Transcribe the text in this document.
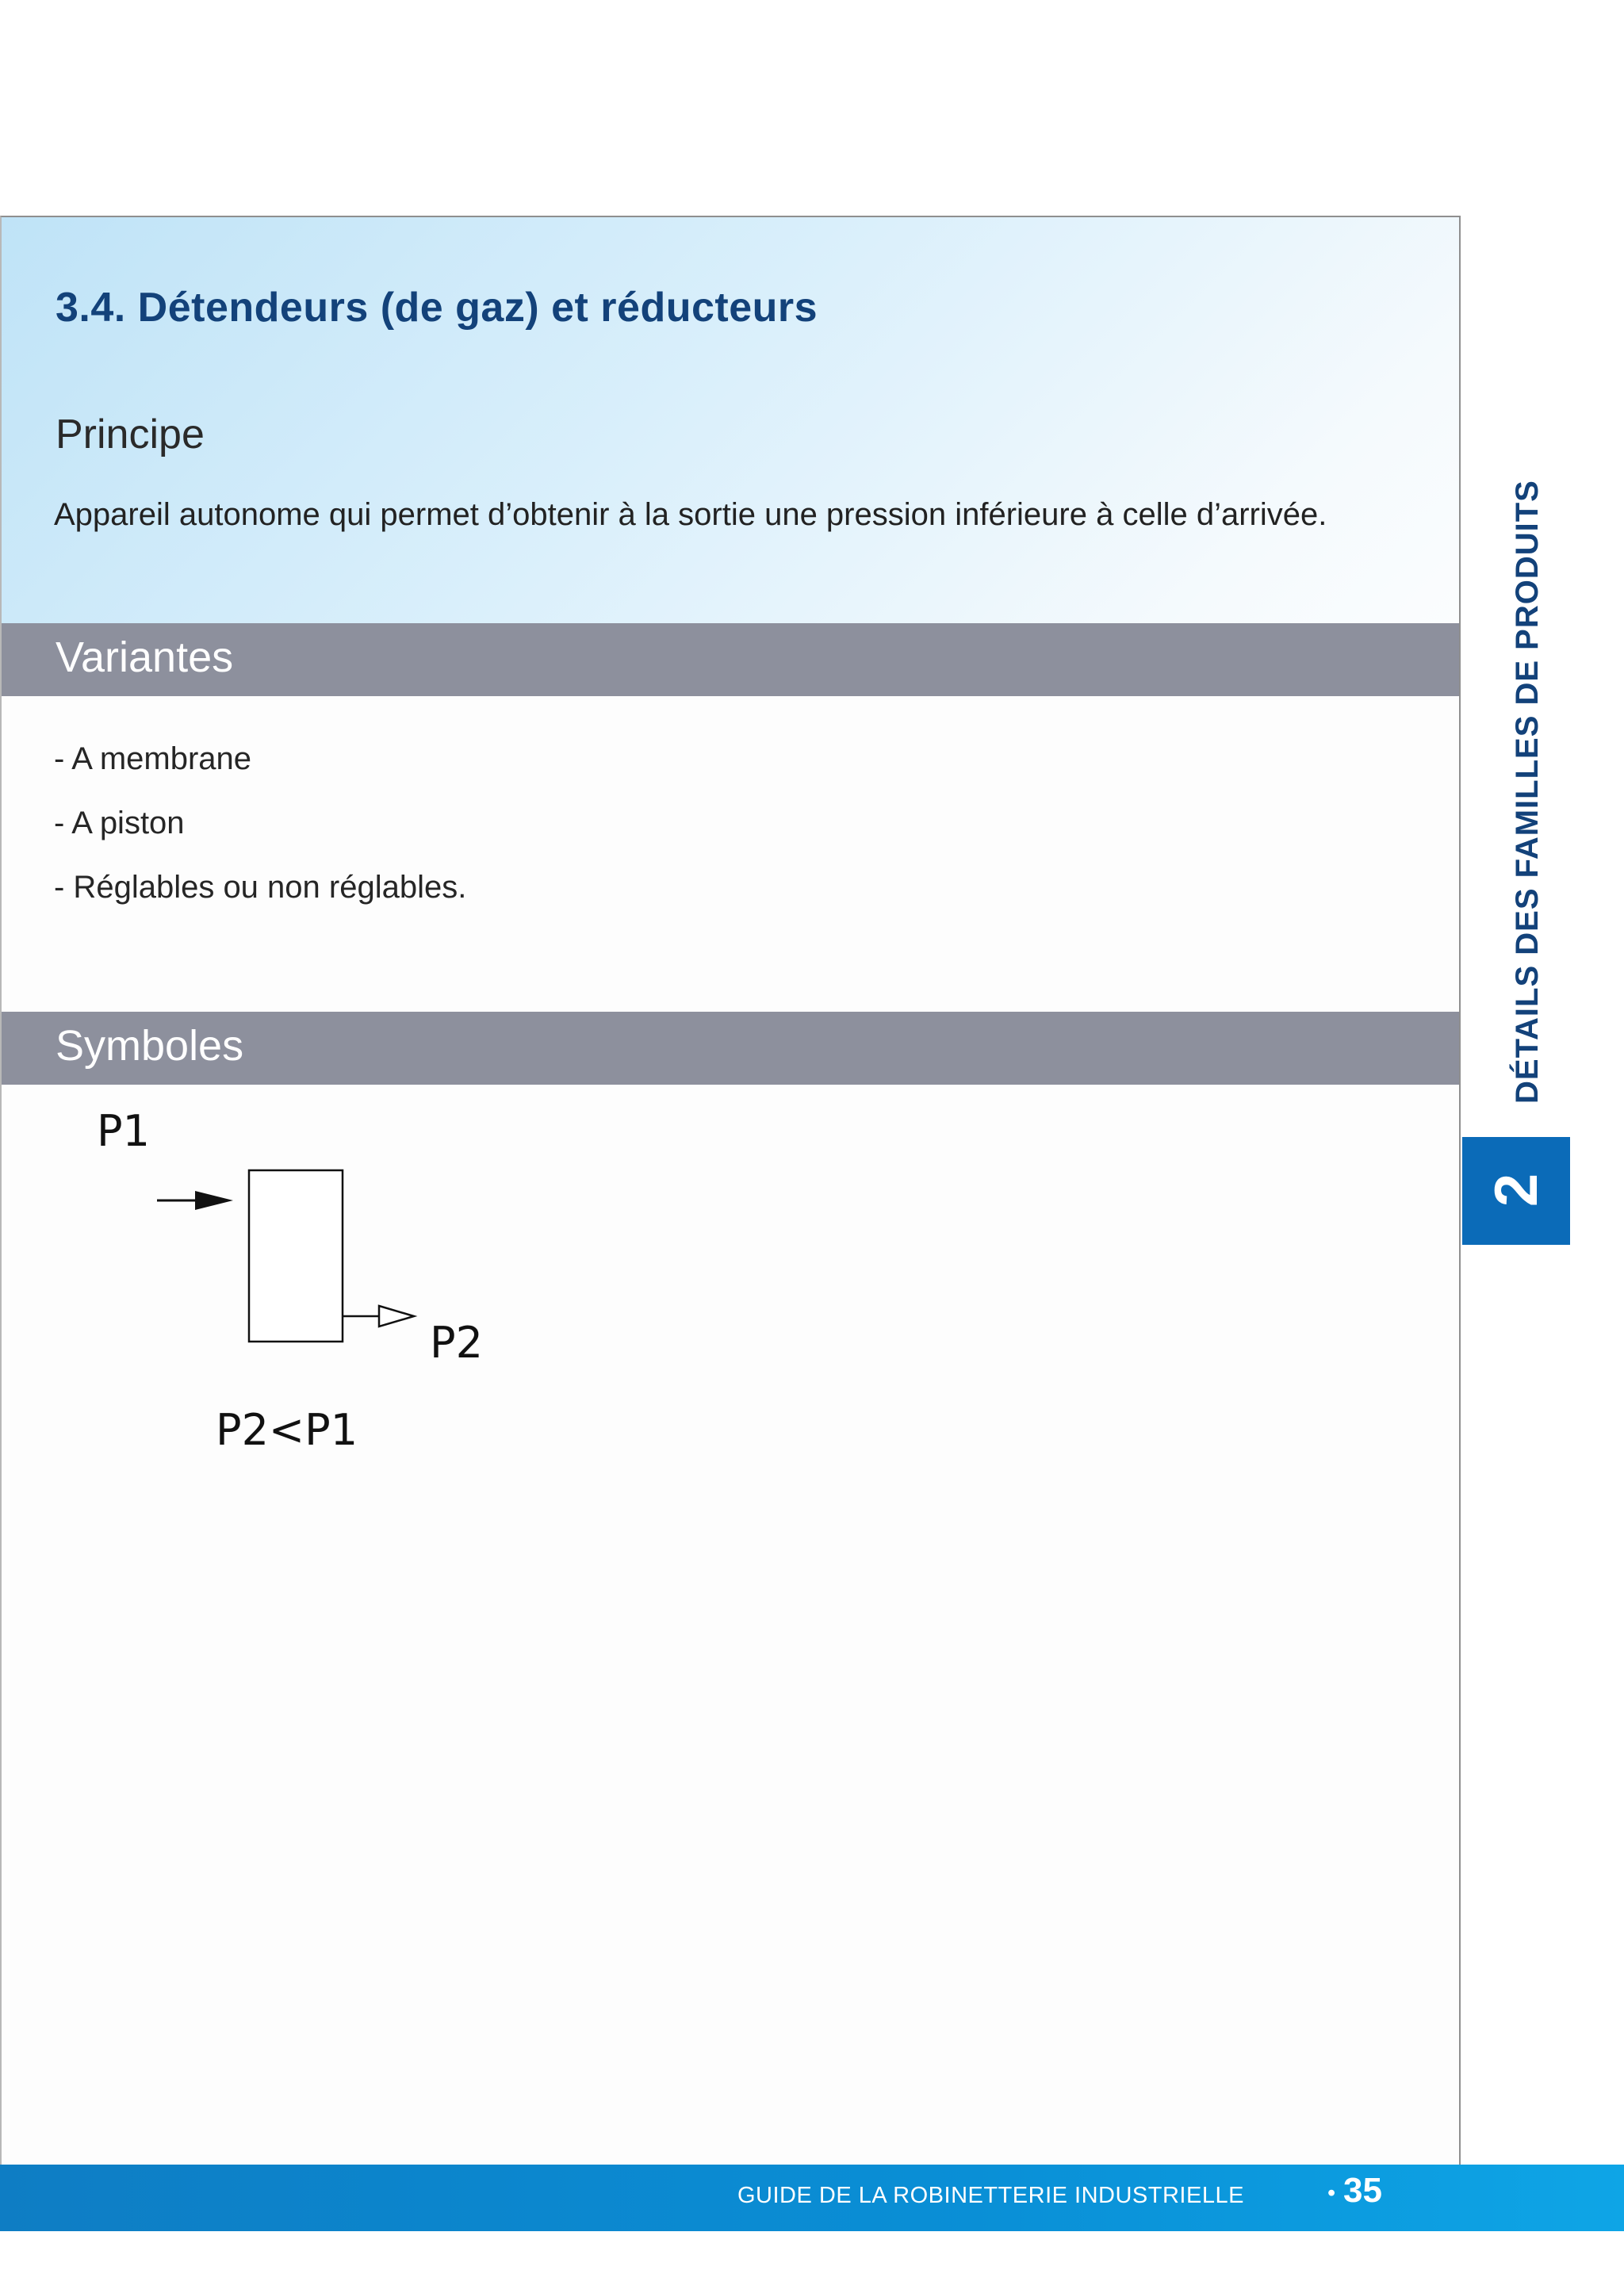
3.4. Détendeurs (de gaz) et réducteurs
Principe

Appareil autonome qui permet d’obtenir à la sortie une pression inférieure à celle d’arrivée.

Variantes
- A membrane
- A piston
- Réglables ou non réglables.
Symboles
P1
P2
P2<P1
DÉTAILS DES FAMILLES DE PRODUITS
2
GUIDE DE LA ROBINETTERIE INDUSTRIELLE	• 35
